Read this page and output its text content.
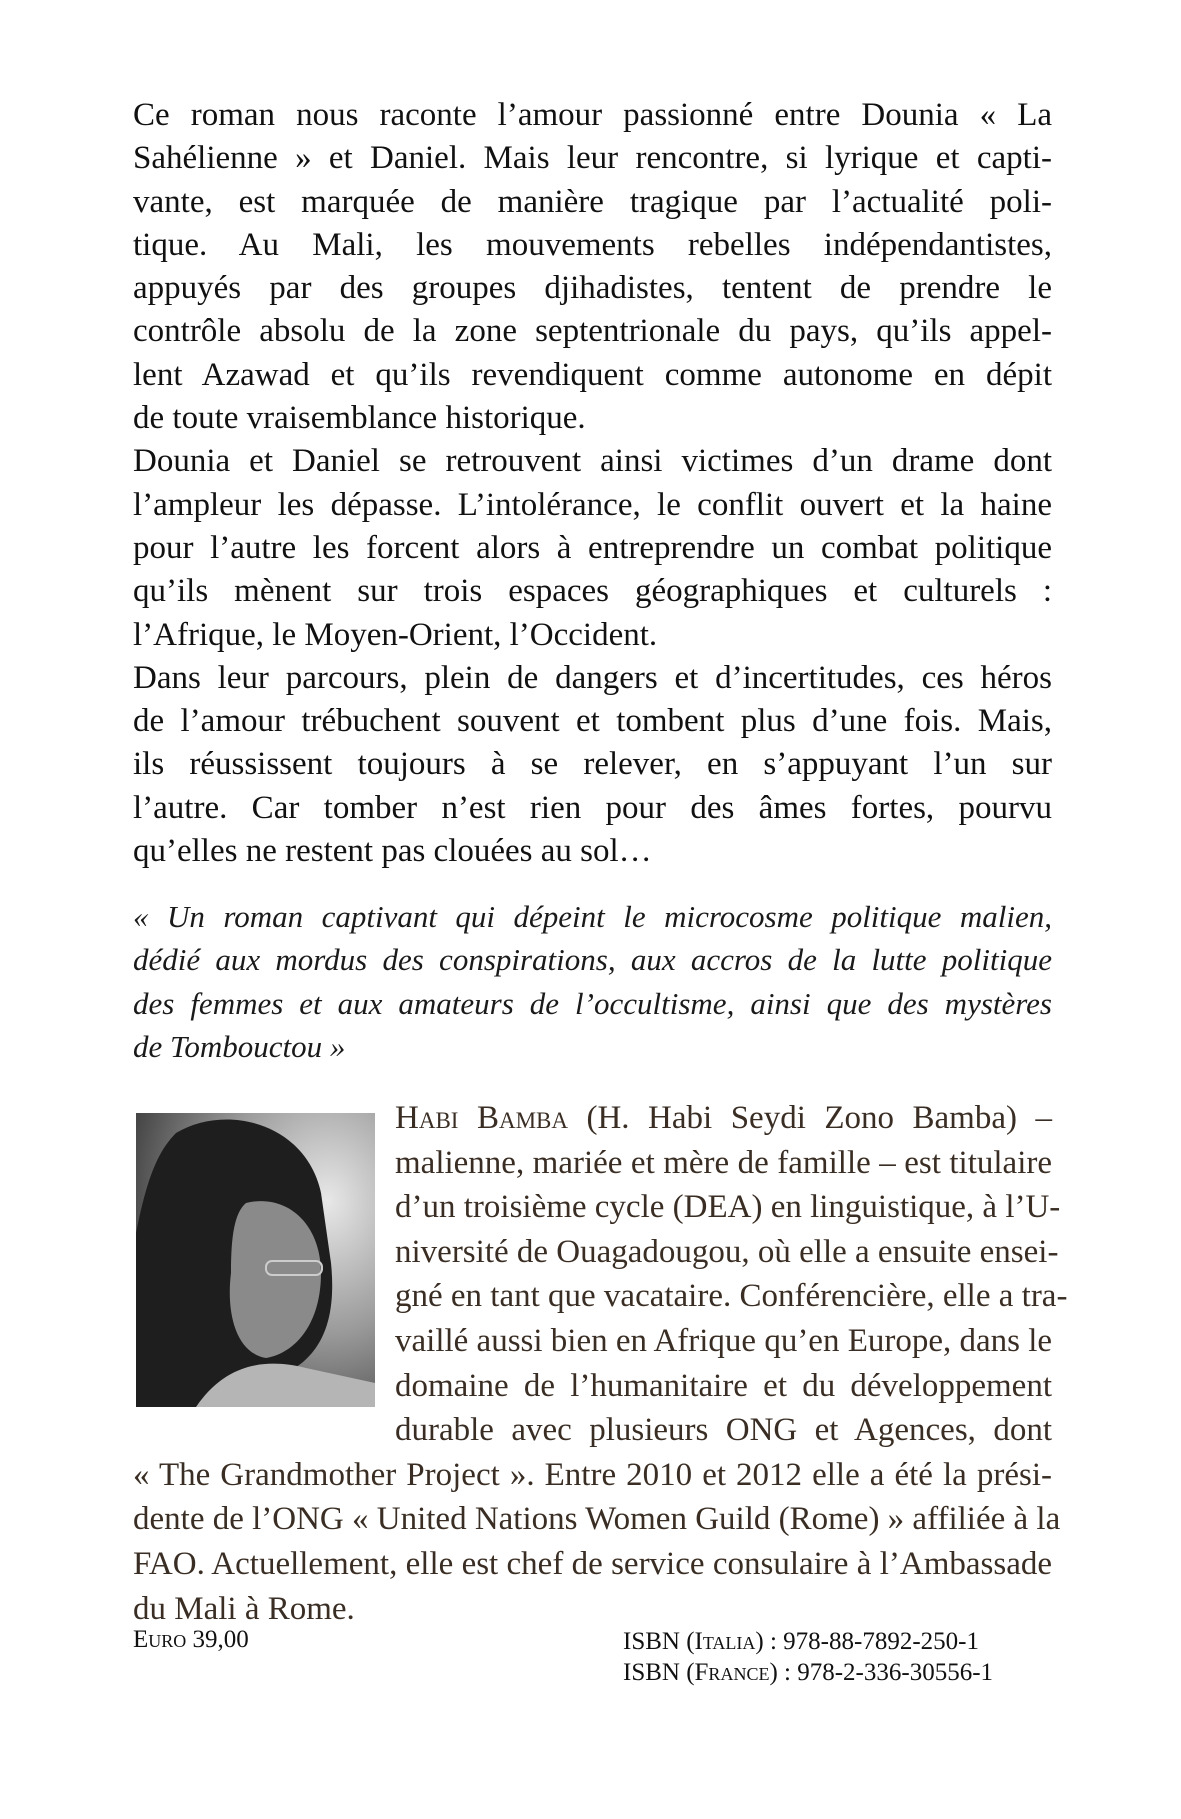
Ce roman nous raconte l’amour passionné entre Dounia « La
Sahélienne » et Daniel. Mais leur rencontre, si lyrique et capti-
vante, est marquée de manière tragique par l’actualité poli-
tique. Au Mali, les mouvements rebelles indépendantistes,
appuyés par des groupes djihadistes, tentent de prendre le
contrôle absolu de la zone septentrionale du pays, qu’ils appel-
lent Azawad et qu’ils revendiquent comme autonome en dépit
de toute vraisemblance historique.
Dounia et Daniel se retrouvent ainsi victimes d’un drame dont
l’ampleur les dépasse. L’intolérance, le conflit ouvert et la haine
pour l’autre les forcent alors à entreprendre un combat politique
qu’ils mènent sur trois espaces géographiques et culturels :
l’Afrique, le Moyen-Orient, l’Occident.
Dans leur parcours, plein de dangers et d’incertitudes, ces héros
de l’amour trébuchent souvent et tombent plus d’une fois. Mais,
ils réussissent toujours à se relever, en s’appuyant l’un sur
l’autre. Car tomber n’est rien pour des âmes fortes, pourvu
qu’elles ne restent pas clouées au sol…
« Un roman captivant qui dépeint le microcosme politique malien,
dédié aux mordus des conspirations, aux accros de la lutte politique
des femmes et aux amateurs de l’occultisme, ainsi que des mystères
de Tombouctou »
Habi Bamba (H. Habi Seydi Zono Bamba) –
malienne, mariée et mère de famille – est titulaire
d’un troisième cycle (DEA) en linguistique, à l’U-
niversité de Ouagadougou, où elle a ensuite ensei-
gné en tant que vacataire. Conférencière, elle a tra-
vaillé aussi bien en Afrique qu’en Europe, dans le
domaine de l’humanitaire et du développement
durable avec plusieurs ONG et Agences, dont
« The Grandmother Project ». Entre 2010 et 2012 elle a été la prési-
dente de l’ONG « United Nations Women Guild (Rome) » affiliée à la
FAO. Actuellement, elle est chef de service consulaire à l’Ambassade
du Mali à Rome.
Euro 39,00	ISBN (Italia) : 978-88-7892-250-1
ISBN (France) : 978-2-336-30556-1
